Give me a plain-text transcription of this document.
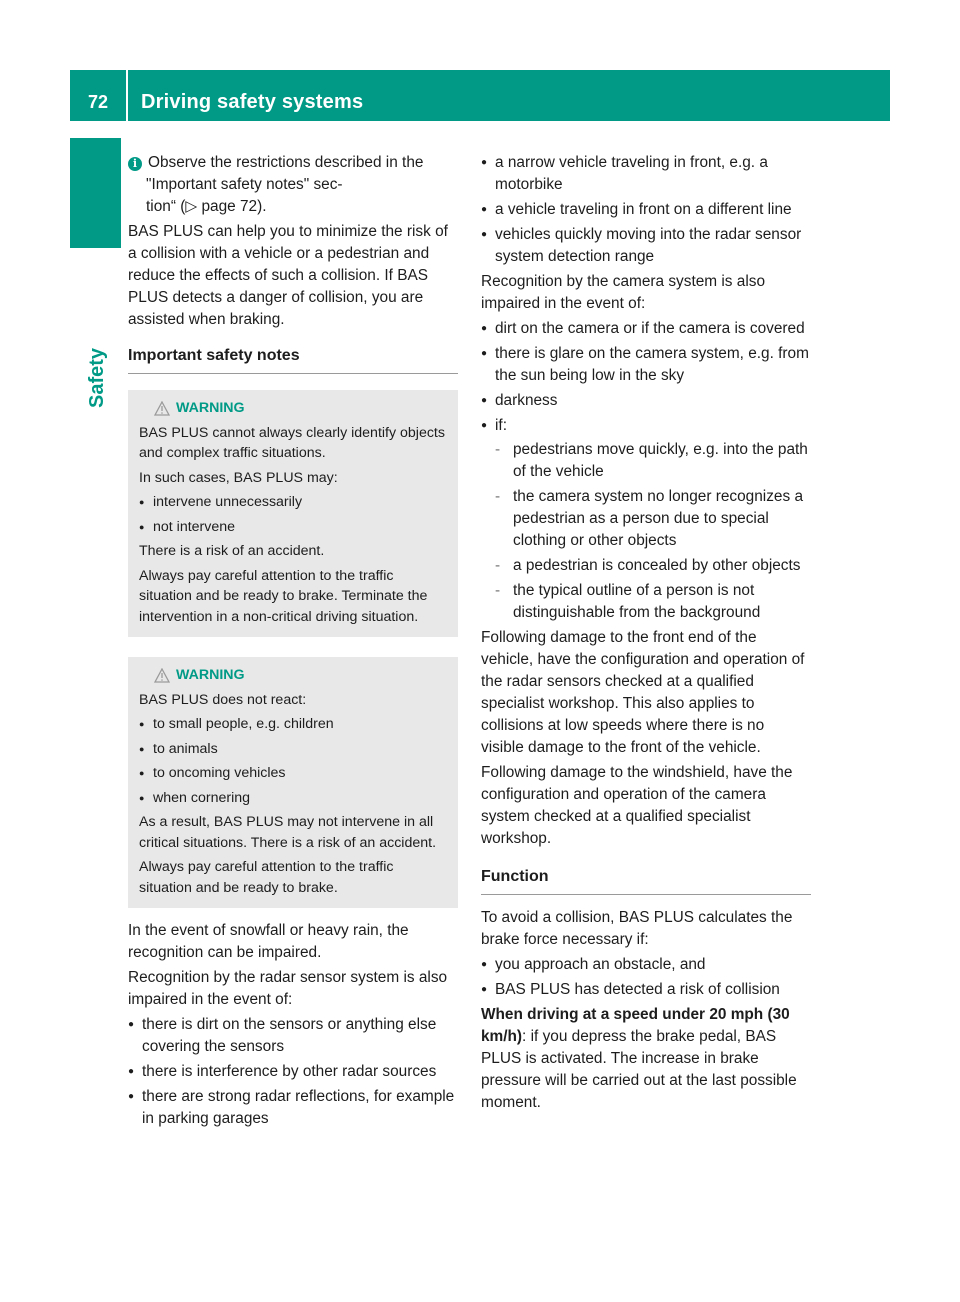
72	Driving safety systems
Safety
i Observe the restrictions described in the
"Important safety notes" sec-
tion“ (▷ page 72).

BAS PLUS can help you to minimize the risk of a collision with a vehicle or a pedestrian and reduce the effects of such a collision. If BAS PLUS detects a danger of collision, you are assisted when braking.

Important safety notes
WARNING

BAS PLUS cannot always clearly identify objects and complex traffic situations.

In such cases, BAS PLUS may:

● intervene unnecessarily
● not intervene

There is a risk of an accident.

Always pay careful attention to the traffic situation and be ready to brake. Terminate the intervention in a non-critical driving situation.

WARNING

BAS PLUS does not react:

● to small people, e.g. children
● to animals
● to oncoming vehicles
● when cornering

As a result, BAS PLUS may not intervene in all critical situations. There is a risk of an accident.

Always pay careful attention to the traffic situation and be ready to brake.

In the event of snowfall or heavy rain, the recognition can be impaired.

Recognition by the radar sensor system is also impaired in the event of:

● there is dirt on the sensors or anything else covering the sensors
● there is interference by other radar sources
● there are strong radar reflections, for example in parking garages
● a narrow vehicle traveling in front, e.g. a motorbike
● a vehicle traveling in front on a different line
● vehicles quickly moving into the radar sensor system detection range

Recognition by the camera system is also impaired in the event of:

● dirt on the camera or if the camera is covered
● there is glare on the camera system, e.g. from the sun being low in the sky
● darkness
● if:
- pedestrians move quickly, e.g. into the path of the vehicle
- the camera system no longer recognizes a pedestrian as a person due to special clothing or other objects
- a pedestrian is concealed by other objects
- the typical outline of a person is not distinguishable from the background

Following damage to the front end of the vehicle, have the configuration and operation of the radar sensors checked at a qualified specialist workshop. This also applies to collisions at low speeds where there is no visible damage to the front of the vehicle.

Following damage to the windshield, have the configuration and operation of the camera system checked at a qualified specialist workshop.

Function

To avoid a collision, BAS PLUS calculates the brake force necessary if:

● you approach an obstacle, and
● BAS PLUS has detected a risk of collision

When driving at a speed under 20 mph (30 km/h): if you depress the brake pedal, BAS PLUS is activated. The increase in brake pressure will be carried out at the last possible moment.
